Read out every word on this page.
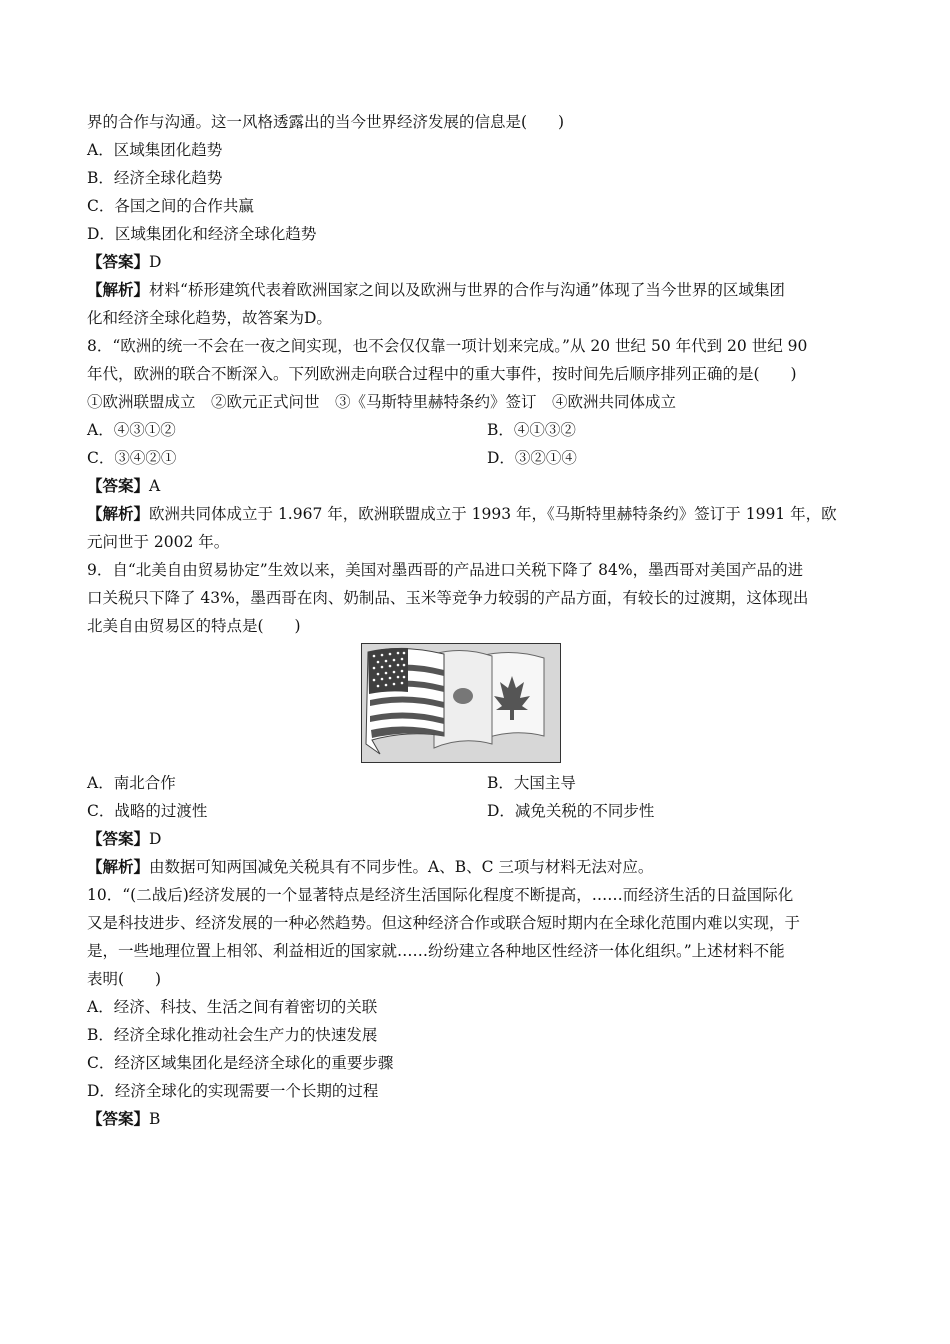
界的合作与沟通。这一风格透露出的当今世界经济发展的信息是(　　)
A．区域集团化趋势
B．经济全球化趋势
C．各国之间的合作共赢
D．区域集团化和经济全球化趋势
【答案】D
【解析】材料“桥形建筑代表着欧洲国家之间以及欧洲与世界的合作与沟通”体现了当今世界的区域集团
化和经济全球化趋势，故答案为D。
8．“欧洲的统一不会在一夜之间实现，也不会仅仅靠一项计划来完成。”从 20 世纪 50 年代到 20 世纪 90
年代，欧洲的联合不断深入。下列欧洲走向联合过程中的重大事件，按时间先后顺序排列正确的是(　　)
①欧洲联盟成立　②欧元正式问世　③《马斯特里赫特条约》签订　④欧洲共同体成立
A．④③①②	B．④①③②
C．③④②①	D．③②①④
【答案】A
【解析】欧洲共同体成立于 1.967 年，欧洲联盟成立于 1993 年，《马斯特里赫特条约》签订于 1991 年，欧
元问世于 2002 年。
9．自“北美自由贸易协定”生效以来，美国对墨西哥的产品进口关税下降了 84%，墨西哥对美国产品的进
口关税只下降了 43%，墨西哥在肉、奶制品、玉米等竞争力较弱的产品方面，有较长的过渡期，这体现出
北美自由贸易区的特点是(　　)
A．南北合作	B．大国主导
C．战略的过渡性	D．减免关税的不同步性
【答案】D
【解析】由数据可知两国减免关税具有不同步性。A、B、C 三项与材料无法对应。
10．“(二战后)经济发展的一个显著特点是经济生活国际化程度不断提高，……而经济生活的日益国际化
又是科技进步、经济发展的一种必然趋势。但这种经济合作或联合短时期内在全球化范围内难以实现，于
是，一些地理位置上相邻、利益相近的国家就……纷纷建立各种地区性经济一体化组织。”上述材料不能
表明(　　)
A．经济、科技、生活之间有着密切的关联
B．经济全球化推动社会生产力的快速发展
C．经济区域集团化是经济全球化的重要步骤
D．经济全球化的实现需要一个长期的过程
【答案】B
